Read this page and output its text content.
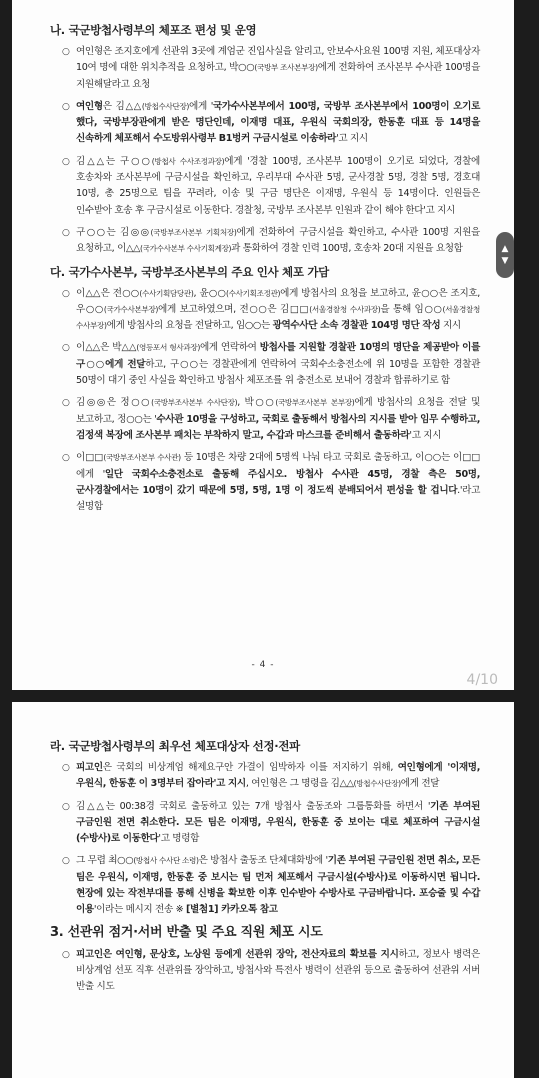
나. 국군방첩사령부의 체포조 편성 및 운영
○ 여인형은 조지호에게 선관위 3곳에 계엄군 진입사실을 알리고, 안보수사요원 100명 지원, 체포대상자 10여 명에 대한 위치추적을 요청하고, 박○○(국방부 조사본부장)에게 전화하여 조사본부 수사관 100명을 지원해달라고 요청
○ 여인형은 김△△(방첩수사단장)에게 '국가수사본부에서 100명, 국방부 조사본부에서 100명이 오기로 했다, 국방부장관에게 받은 명단인데, 이재명 대표, 우원식 국회의장, 한동훈 대표 등 14명을 신속하게 체포해서 수도방위사령부 B1벙커 구금시설로 이송하라'고 지시
○ 김△△는 구○○(방첩사 수사조정과장)에게 '경찰 100명, 조사본부 100명이 오기로 되었다, 경찰에 호송차와 조사본부에 구금시설을 확인하고, 우리부대 수사관 5명, 군사경찰 5명, 경찰 5명, 경호대 10명, 총 25명으로 팀을 꾸려라, 이송 및 구금 명단은 이재명, 우원식 등 14명이다. 인원들은 인수받아 호송 후 구금시설로 이동한다. 경찰청, 국방부 조사본부 인원과 같이 해야 한다'고 지시
○ 구○○는 김◎◎(국방부조사본부 기획처장)에게 전화하여 구금시설을 확인하고, 수사관 100명 지원을 요청하고, 이△△(국가수사본부 수사기획계장)과 통화하여 경찰 인력 100명, 호송차 20대 지원을 요청함
다. 국가수사본부, 국방부조사본부의 주요 인사 체포 가담
○ 이△△은 전○○(수사기획담당관), 윤○○(수사기획조정관)에게 방첩사의 요청을 보고하고, 윤○○은 조지호, 우○○(국가수사본부장)에게 보고하였으며, 전○○은 김□□(서울경찰청 수사과장)을 통해 임○○(서울경찰청 수사부장)에게 방첩사의 요청을 전달하고, 임○○는 광역수사단 소속 경찰관 104명 명단 작성 지시
○ 이△△은 박△△(영등포서 형사과장)에게 연락하여 방첩사를 지원할 경찰관 10명의 명단을 제공받아 이를 구○○에게 전달하고, 구○○는 경찰관에게 연락하여 국회수소충전소에 위 10명을 포함한 경찰관 50명이 대기 중인 사실을 확인하고 방첩사 체포조를 위 충전소로 보내어 경찰과 합류하기로 함
○ 김◎◎은 정○○(국방부조사본부 수사단장), 박○○(국방부조사본부 본부장)에게 방첩사의 요청을 전달 및 보고하고, 정○○는 '수사관 10명을 구성하고, 국회로 출동해서 방첩사의 지시를 받아 임무 수행하고, 검정색 복장에 조사본부 패치는 부착하지 말고, 수갑과 마스크를 준비해서 출동하라'고 지시
○ 이□□(국방부조사본부 수사관) 등 10명은 차량 2대에 5명씩 나눠 타고 국회로 출동하고, 이○○는 이□□에게 '일단 국회수소충전소로 출동해 주십시오. 방첩사 수사관 45명, 경찰 측은 50명, 군사경찰에서는 10명이 갔기 때문에 5명, 5명, 1명 이 정도씩 분배되어서 편성을 할 겁니다.'라고 설명함
- 4 -
4/10
라. 국군방첩사령부의 최우선 체포대상자 선정·전파
○ 피고인은 국회의 비상계엄 해제요구안 가결이 임박하자 이를 저지하기 위해, 여인형에게 '이재명, 우원식, 한동훈 이 3명부터 잡아라'고 지시, 여인형은 그 명령을 김△△(방첩수사단장)에게 전달
○ 김△△는 00:38경 국회로 출동하고 있는 7개 방첩사 출동조와 그룹통화를 하면서 '기존 부여된 구금인원 전면 취소한다. 모든 팀은 이재명, 우원식, 한동훈 중 보이는 대로 체포하여 구금시설(수방사)로 이동한다'고 명령함
○ 그 무렵 최○○(방첩사 수사단 소령)은 방첩사 출동조 단체대화방에 '기존 부여된 구금인원 전면 취소, 모든 팀은 우원식, 이재명, 한동훈 중 보시는 팀 먼저 체포해서 구금시설(수방사)로 이동하시면 됩니다. 현장에 있는 작전부대를 통해 신병을 확보한 이후 인수받아 수방사로 구금바랍니다. 포승줄 및 수갑 이용'이라는 메시지 전송 ※ [별첨1] 카카오톡 참고
3. 선관위 점거·서버 반출 및 주요 직원 체포 시도
○ 피고인은 여인형, 문상호, 노상원 등에게 선관위 장악, 전산자료의 확보를 지시하고, 정보사 병력은 비상계엄 선포 직후 선관위를 장악하고, 방첩사와 특전사 병력이 선관위 등으로 출동하여 선관위 서버 반출 시도
▲
▼
